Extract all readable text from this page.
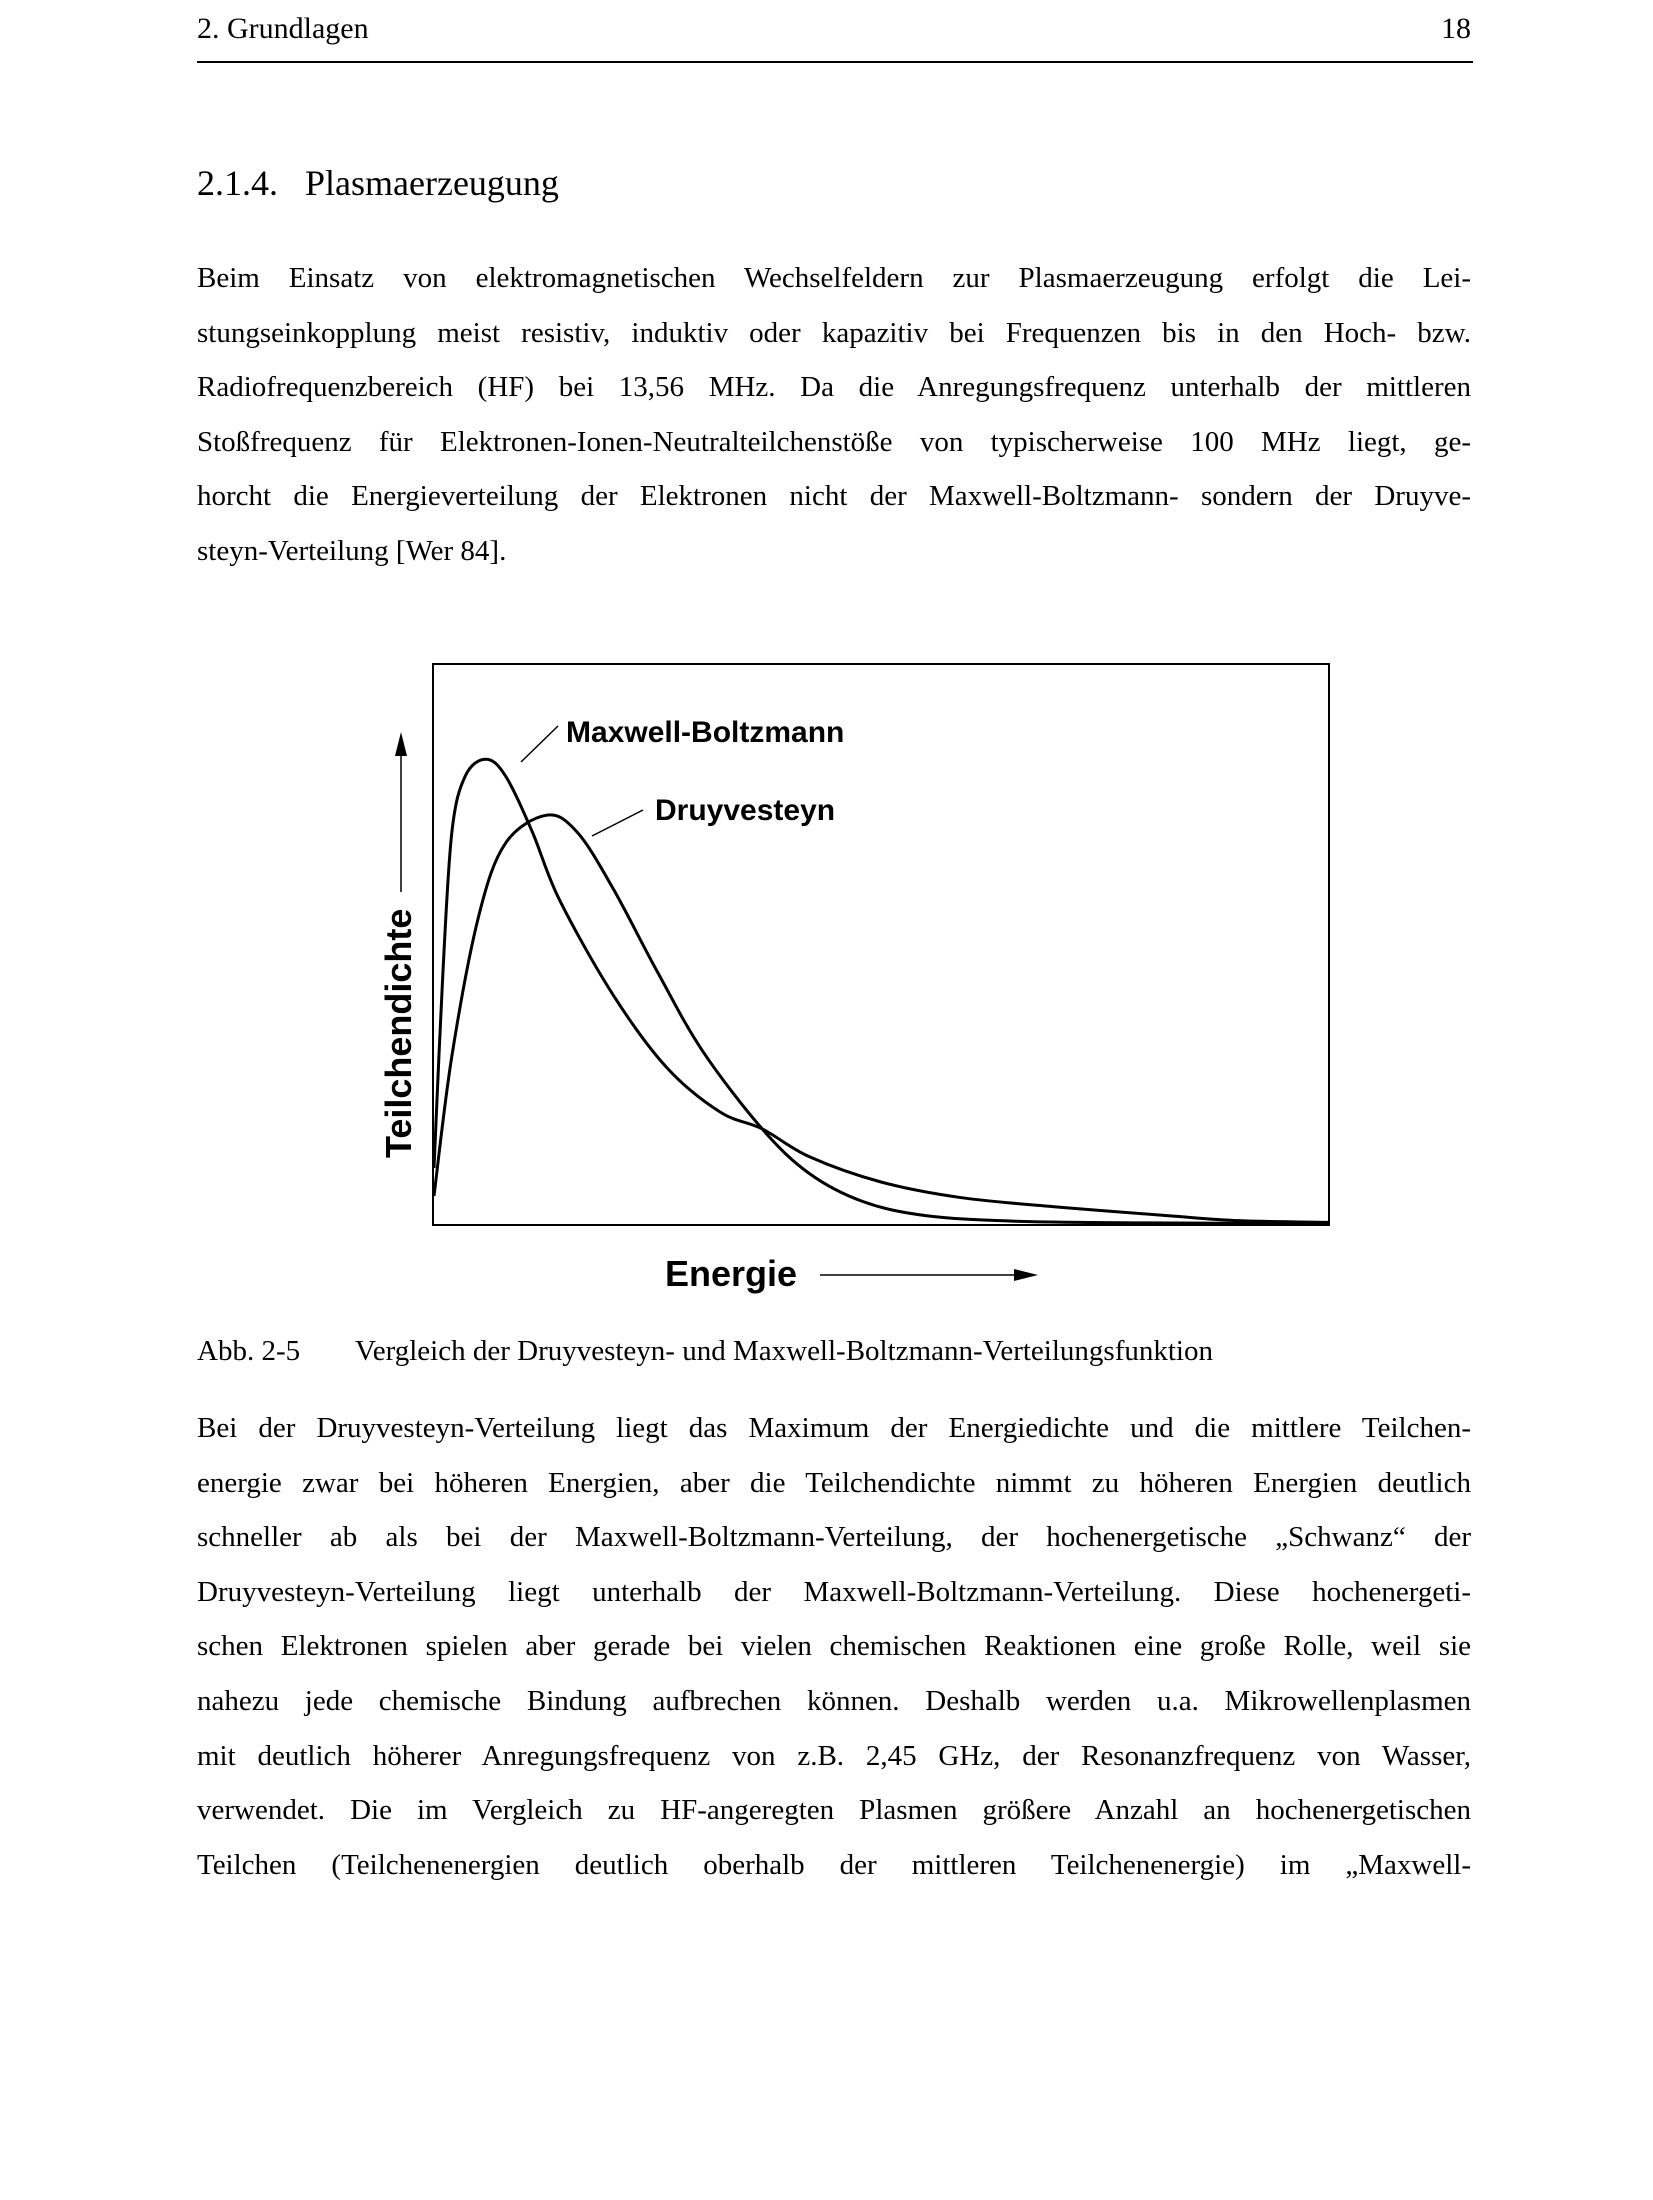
2. Grundlagen	18
2.1.4.   Plasmaerzeugung
Beim Einsatz von elektromagnetischen Wechselfeldern zur Plasmaerzeugung erfolgt die Lei-
stungseinkopplung meist resistiv, induktiv oder kapazitiv bei Frequenzen bis in den Hoch- bzw.
Radiofrequenzbereich (HF) bei 13,56 MHz. Da die Anregungsfrequenz unterhalb der mittleren
Stoßfrequenz für Elektronen-Ionen-Neutralteilchenstöße von typischerweise 100 MHz liegt, ge-
horcht die Energieverteilung der Elektronen nicht der Maxwell-Boltzmann- sondern der Druyve-
steyn-Verteilung [Wer 84].
Maxwell-Boltzmann
Druyvesteyn
Teilchendichte
Energie
Abb. 2-5 Vergleich der Druyvesteyn- und Maxwell-Boltzmann-Verteilungsfunktion
Bei der Druyvesteyn-Verteilung liegt das Maximum der Energiedichte und die mittlere Teilchen-
energie zwar bei höheren Energien, aber die Teilchendichte nimmt zu höheren Energien deutlich
schneller ab als bei der Maxwell-Boltzmann-Verteilung, der hochenergetische „Schwanz“ der
Druyvesteyn-Verteilung liegt unterhalb der Maxwell-Boltzmann-Verteilung. Diese hochenergeti-
schen Elektronen spielen aber gerade bei vielen chemischen Reaktionen eine große Rolle, weil sie
nahezu jede chemische Bindung aufbrechen können. Deshalb werden u.a. Mikrowellenplasmen
mit deutlich höherer Anregungsfrequenz von z.B. 2,45 GHz, der Resonanzfrequenz von Wasser,
verwendet. Die im Vergleich zu HF-angeregten Plasmen größere Anzahl an hochenergetischen
Teilchen (Teilchenenergien deutlich oberhalb der mittleren Teilchenenergie) im „Maxwell-
